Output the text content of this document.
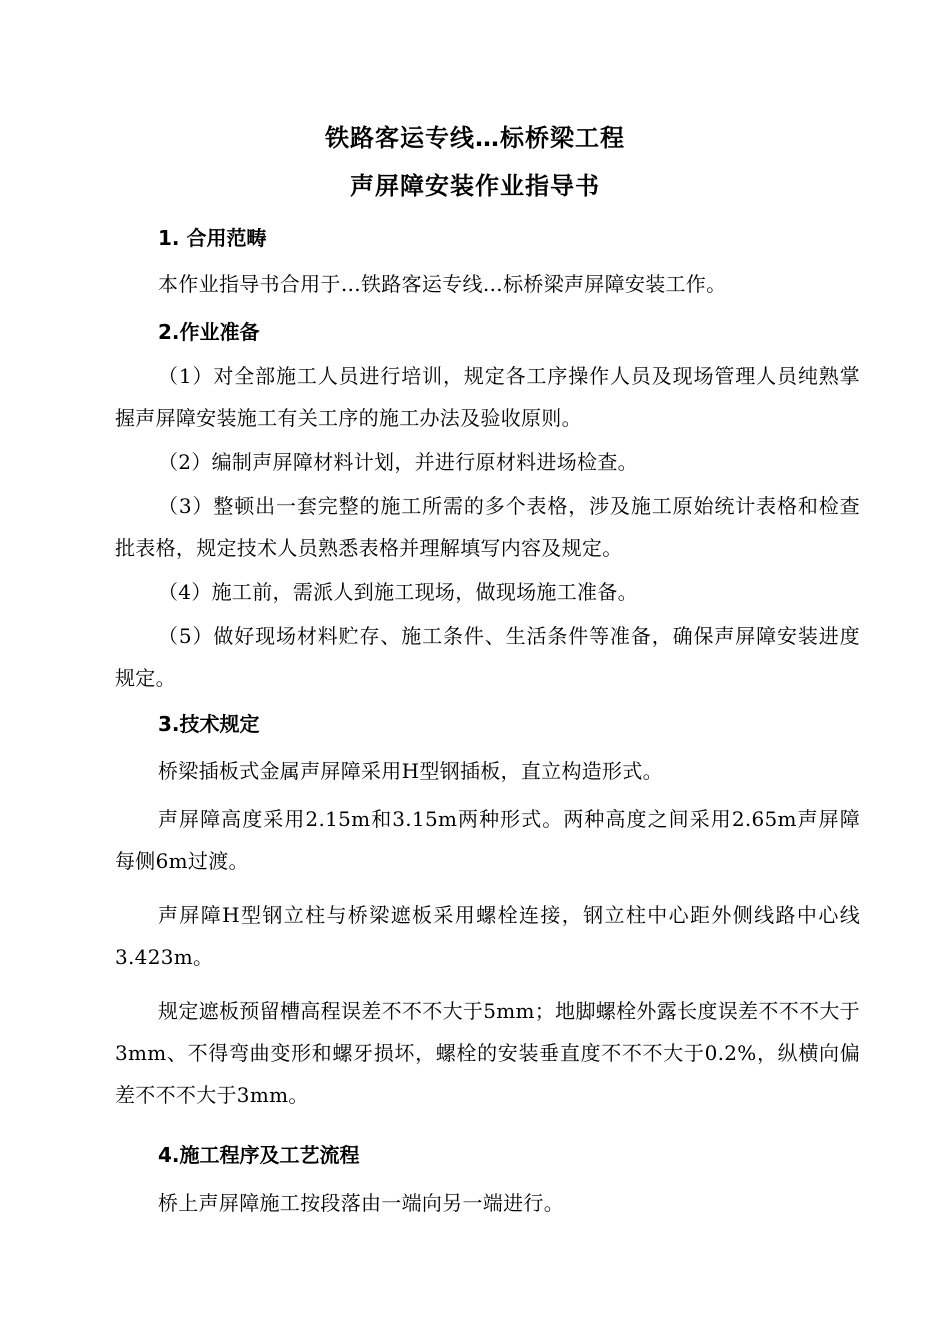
铁路客运专线…标桥梁工程
声屏障安装作业指导书
1. 合用范畴

本作业指导书合用于…铁路客运专线…标桥梁声屏障安装工作。

2.作业准备

（1）对全部施工人员进行培训，规定各工序操作人员及现场管理人员纯熟掌握声屏障安装施工有关工序的施工办法及验收原则。

（2）编制声屏障材料计划，并进行原材料进场检查。

（3）整顿出一套完整的施工所需的多个表格，涉及施工原始统计表格和检查批表格，规定技术人员熟悉表格并理解填写内容及规定。

（4）施工前，需派人到施工现场，做现场施工准备。

（5）做好现场材料贮存、施工条件、生活条件等准备，确保声屏障安装进度规定。

3.技术规定

桥梁插板式金属声屏障采用H型钢插板，直立构造形式。

声屏障高度采用2.15m和3.15m两种形式。两种高度之间采用2.65m声屏障每侧6m过渡。

声屏障H型钢立柱与桥梁遮板采用螺栓连接，钢立柱中心距外侧线路中心线3.423m。

规定遮板预留槽高程误差不不不大于5mm；地脚螺栓外露长度误差不不不大于3mm、不得弯曲变形和螺牙损坏，螺栓的安装垂直度不不不大于0.2%，纵横向偏差不不不大于3mm。

4.施工程序及工艺流程

桥上声屏障施工按段落由一端向另一端进行。
